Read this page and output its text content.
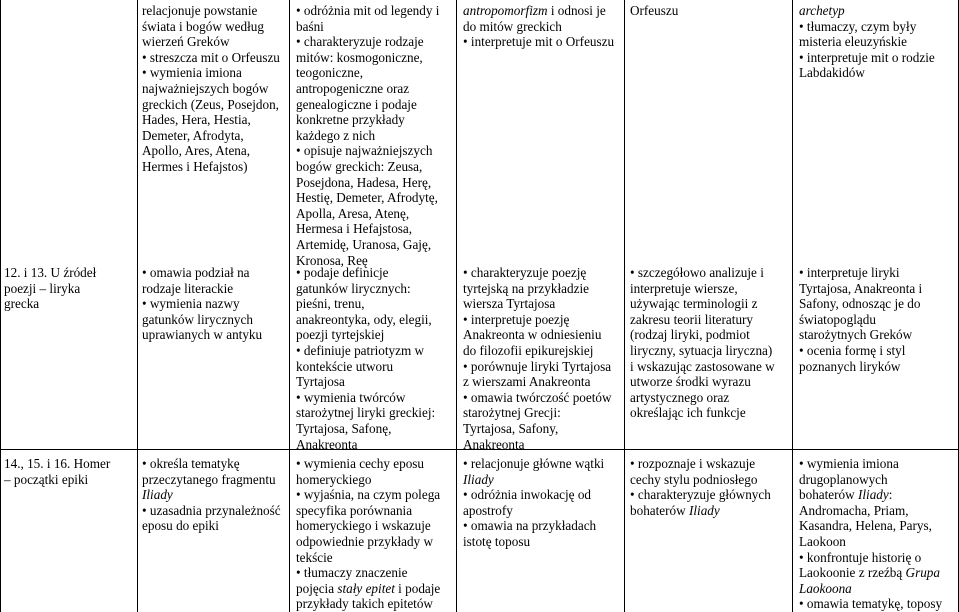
12. i 13. U źródeł
poezji – liryka
grecka
14., 15. i 16. Homer
– początki epiki
relacjonuje powstanie
świata i bogów według
wierzeń Greków
• streszcza mit o Orfeuszu
• wymienia imiona
najważniejszych bogów
greckich (Zeus, Posejdon,
Hades, Hera, Hestia,
Demeter, Afrodyta,
Apollo, Ares, Atena,
Hermes i Hefajstos)
• omawia podział na
rodzaje literackie
• wymienia nazwy
gatunków lirycznych
uprawianych w antyku
• określa tematykę
przeczytanego fragmentu
Iliady
• uzasadnia przynależność
eposu do epiki
• odróżnia mit od legendy i
baśni
• charakteryzuje rodzaje
mitów: kosmogoniczne,
teogoniczne,
antropogeniczne oraz
genealogiczne i podaje
konkretne przykłady
każdego z nich
• opisuje najważniejszych
bogów greckich: Zeusa,
Posejdona, Hadesa, Herę,
Hestię, Demeter, Afrodytę,
Apolla, Aresa, Atenę,
Hermesa i Hefajstosa,
Artemidę, Uranosa, Gaję,
Kronosa, Reę
• podaje definicje
gatunków lirycznych:
pieśni, trenu,
anakreontyka, ody, elegii,
poezji tyrtejskiej
• definiuje patriotyzm w
kontekście utworu
Tyrtajosa
• wymienia twórców
starożytnej liryki greckiej:
Tyrtajosa, Safonę,
Anakreonta
• wymienia cechy eposu
homeryckiego
• wyjaśnia, na czym polega
specyfika porównania
homeryckiego i wskazuje
odpowiednie przykłady w
tekście
• tłumaczy znaczenie
pojęcia stały epitet i podaje
przykłady takich epitetów
antropomorfizm i odnosi je
do mitów greckich
• interpretuje mit o Orfeuszu
• charakteryzuje poezję
tyrtejską na przykładzie
wiersza Tyrtajosa
• interpretuje poezję
Anakreonta w odniesieniu
do filozofii epikurejskiej
• porównuje liryki Tyrtajosa
z wierszami Anakreonta
• omawia twórczość poetów
starożytnej Grecji:
Tyrtajosa, Safony,
Anakreonta
• relacjonuje główne wątki
Iliady
• odróżnia inwokację od
apostrofy
• omawia na przykładach
istotę toposu
Orfeuszu
• szczegółowo analizuje i
interpretuje wiersze,
używając terminologii z
zakresu teorii literatury
(rodzaj liryki, podmiot
liryczny, sytuacja liryczna)
i wskazując zastosowane w
utworze środki wyrazu
artystycznego oraz
określając ich funkcje
• rozpoznaje i wskazuje
cechy stylu podniosłego
• charakteryzuje głównych
bohaterów Iliady
archetyp
• tłumaczy, czym były
misteria eleuzyńskie
• interpretuje mit o rodzie
Labdakidów
• interpretuje liryki
Tyrtajosa, Anakreonta i
Safony, odnosząc je do
światopoglądu
starożytnych Greków
• ocenia formę i styl
poznanych liryków
• wymienia imiona
drugoplanowych
bohaterów Iliady:
Andromacha, Priam,
Kasandra, Helena, Parys,
Laokoon
• konfrontuje historię o
Laokoonie z rzeźbą Grupa
Laokoona
• omawia tematykę, toposy
